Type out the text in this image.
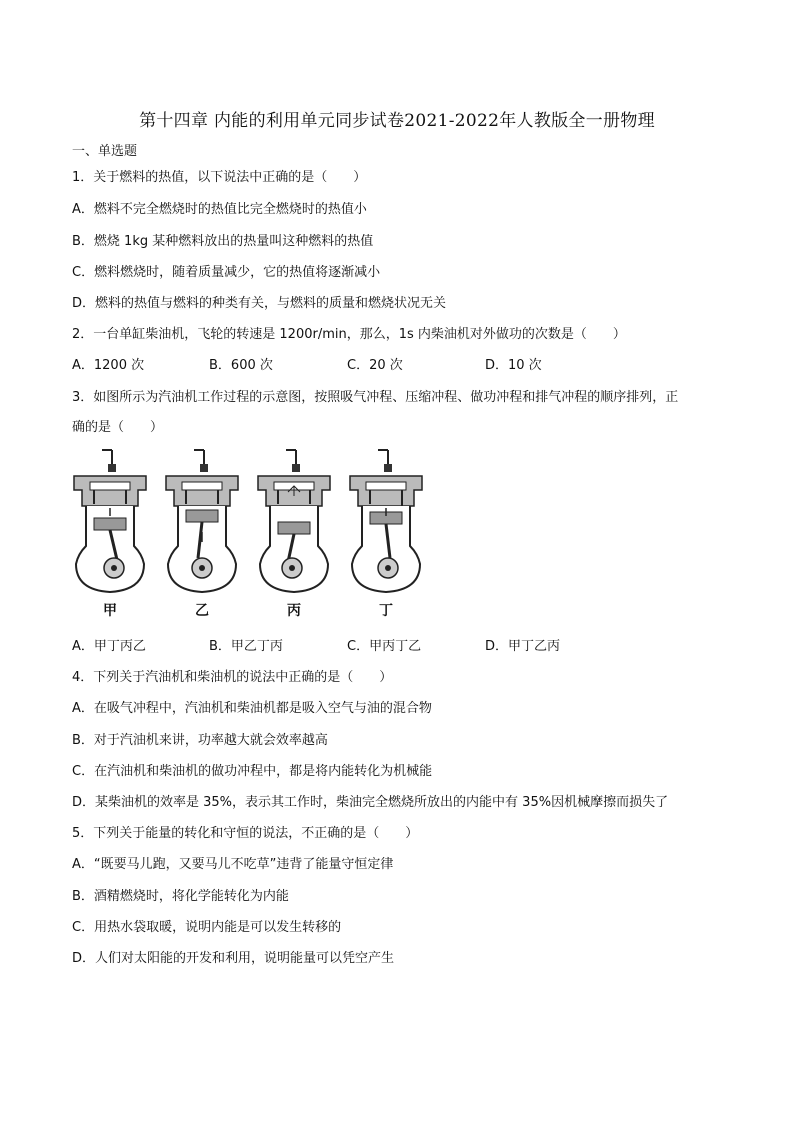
第十四章 内能的利用单元同步试卷2021-2022年人教版全一册物理
一、单选题
1．关于燃料的热值，以下说法中正确的是（　　）
A．燃料不完全燃烧时的热值比完全燃烧时的热值小
B．燃烧 1kg 某种燃料放出的热量叫这种燃料的热值
C．燃料燃烧时，随着质量减少，它的热值将逐渐减小
D．燃料的热值与燃料的种类有关，与燃料的质量和燃烧状况无关
2．一台单缸柴油机，飞轮的转速是 1200r/min，那么，1s 内柴油机对外做功的次数是（　　）
A．1200 次	B．600 次	C．20 次	D．10 次
3．如图所示为汽油机工作过程的示意图，按照吸气冲程、压缩冲程、做功冲程和排气冲程的顺序排列，正
确的是（　　）
甲	乙	丙	丁
A．甲丁丙乙	B．甲乙丁丙	C．甲丙丁乙	D．甲丁乙丙
4．下列关于汽油机和柴油机的说法中正确的是（　　）
A．在吸气冲程中，汽油机和柴油机都是吸入空气与油的混合物
B．对于汽油机来讲，功率越大就会效率越高
C．在汽油机和柴油机的做功冲程中，都是将内能转化为机械能
D．某柴油机的效率是 35%，表示其工作时，柴油完全燃烧所放出的内能中有 35%因机械摩擦而损失了
5．下列关于能量的转化和守恒的说法，不正确的是（　　）
A．“既要马儿跑，又要马儿不吃草”违背了能量守恒定律
B．酒精燃烧时，将化学能转化为内能
C．用热水袋取暖，说明内能是可以发生转移的
D．人们对太阳能的开发和利用，说明能量可以凭空产生
